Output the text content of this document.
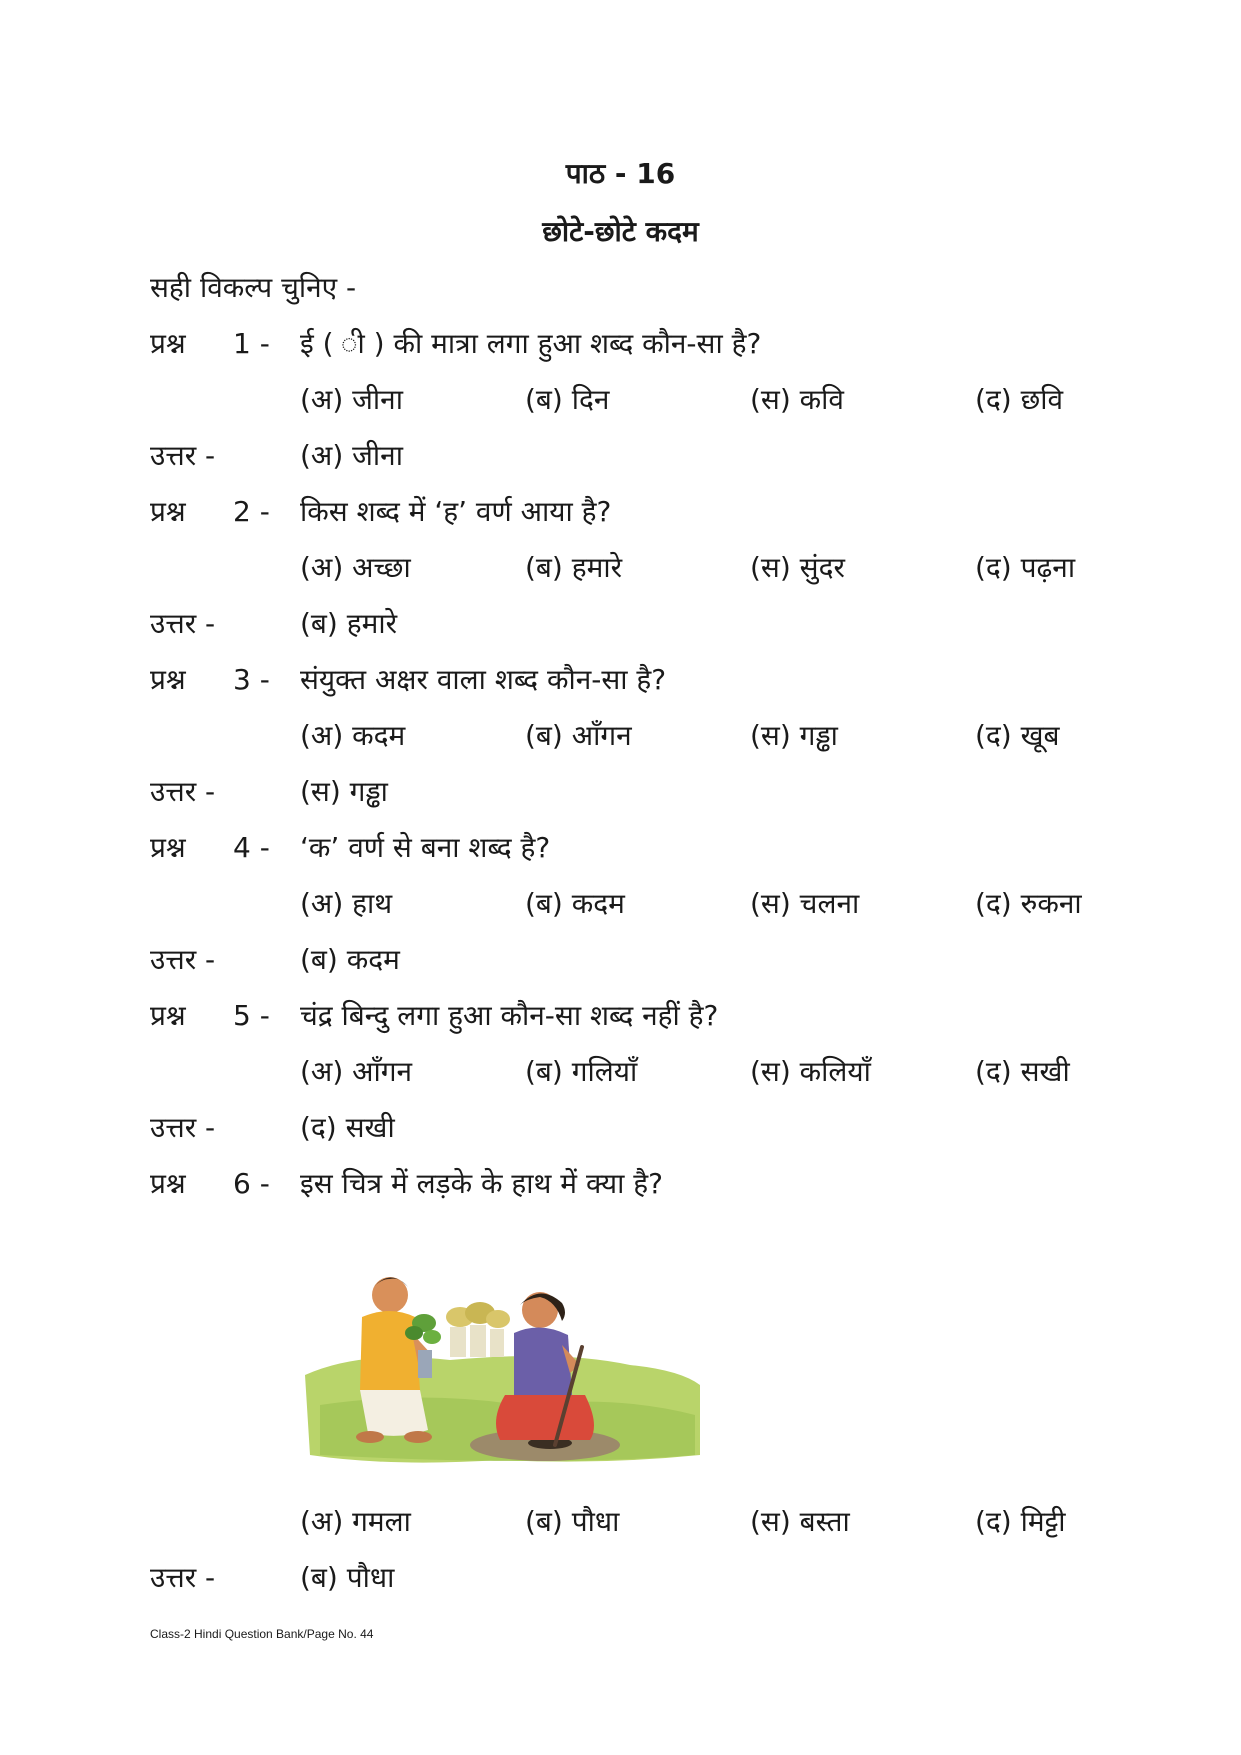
पाठ - 16
छोटे-छोटे कदम
सही विकल्प चुनिए -
प्रश्न 1 - ई ( ी ) की मात्रा लगा हुआ शब्द कौन-सा है?
(अ) जीना	(ब) दिन	(स) कवि	(द) छवि
उत्तर -	(अ) जीना
प्रश्न 2 - किस शब्द में ‘ह’ वर्ण आया है?
(अ) अच्छा	(ब) हमारे	(स) सुंदर	(द) पढ़ना
उत्तर -	(ब) हमारे
प्रश्न 3 - संयुक्त अक्षर वाला शब्द कौन-सा है?
(अ) कदम	(ब) आँगन	(स) गड्ढा	(द) खूब
उत्तर -	(स) गड्ढा
प्रश्न 4 - ‘क’ वर्ण से बना शब्द है?
(अ) हाथ	(ब) कदम	(स) चलना	(द) रुकना
उत्तर -	(ब) कदम
प्रश्न 5 - चंद्र बिन्दु लगा हुआ कौन-सा शब्द नहीं है?
(अ) आँगन	(ब) गलियाँ	(स) कलियाँ	(द) सखी
उत्तर -	(द) सखी
प्रश्न 6 - इस चित्र में लड़के के हाथ में क्या है?
(अ) गमला	(ब) पौधा	(स) बस्ता	(द) मिट्टी
उत्तर -	(ब) पौधा
Class-2 Hindi Question Bank/Page No. 44
